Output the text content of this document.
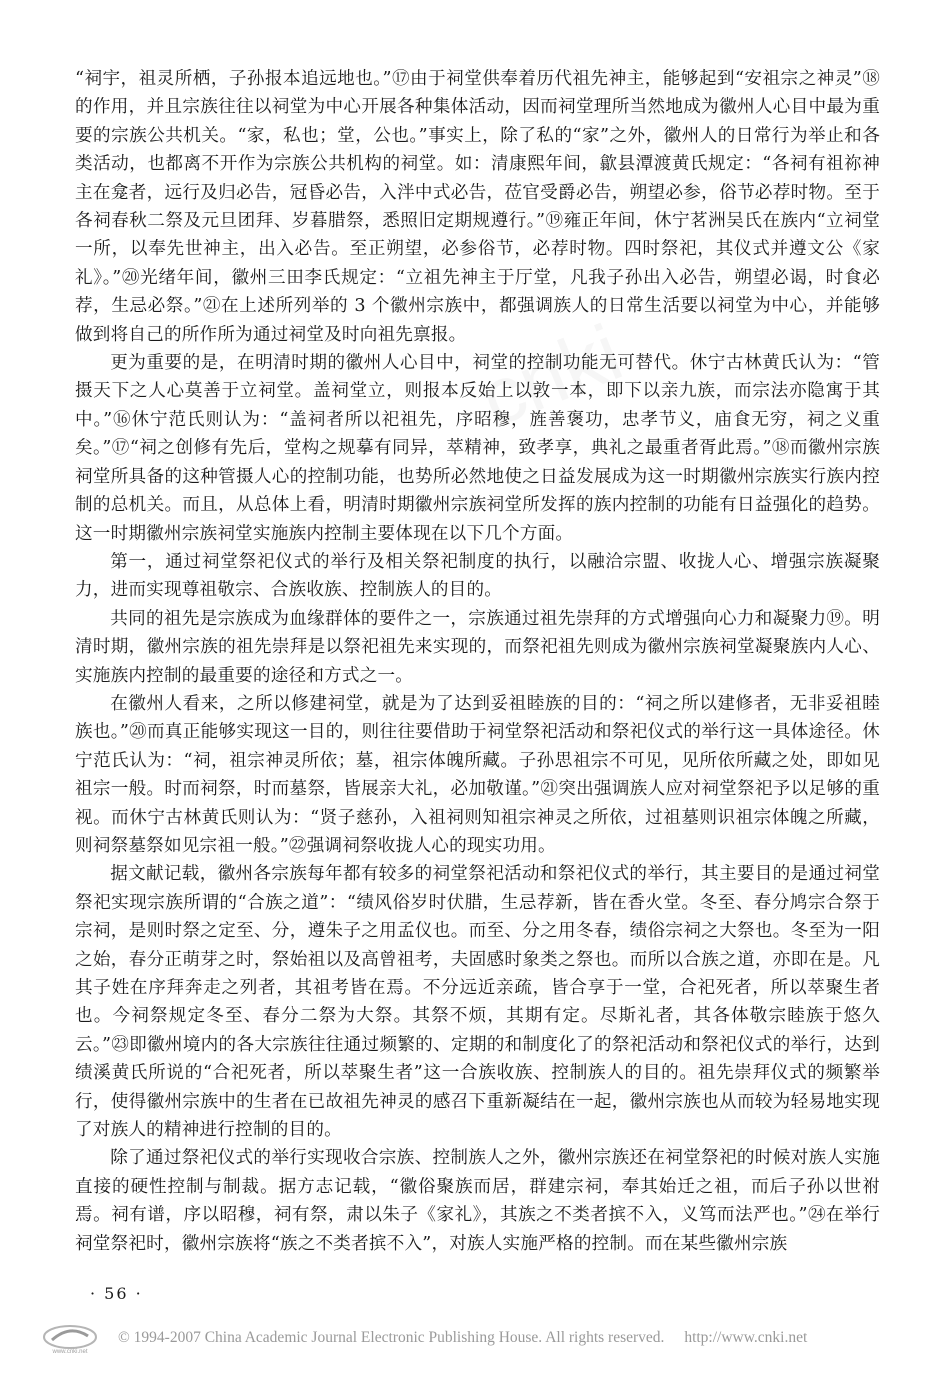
“祠宇，祖灵所栖，子孙报本追远地也。”⑰由于祠堂供奉着历代祖先神主，能够起到“安祖宗之神灵”⑱的作用，并且宗族往往以祠堂为中心开展各种集体活动，因而祠堂理所当然地成为徽州人心目中最为重要的宗族公共机关。“家，私也；堂，公也。”事实上，除了私的“家”之外，徽州人的日常行为举止和各类活动，也都离不开作为宗族公共机构的祠堂。如：清康熙年间，歙县潭渡黄氏规定：“各祠有祖祢神主在龛者，远行及归必告，冠昏必告，入泮中式必告，莅官受爵必告，朔望必参，俗节必荐时物。至于各祠春秋二祭及元旦团拜、岁暮腊祭，悉照旧定期规遵行。”⑲雍正年间，休宁茗洲吴氏在族内“立祠堂一所，以奉先世神主，出入必告。至正朔望，必参俗节，必荐时物。四时祭祀，其仪式并遵文公《家礼》。”⑳光绪年间，徽州三田李氏规定：“立祖先神主于厅堂，凡我子孙出入必告，朔望必谒，时食必荐，生忌必祭。”㉑在上述所列举的 3 个徽州宗族中，都强调族人的日常生活要以祠堂为中心，并能够做到将自己的所作所为通过祠堂及时向祖先禀报。

更为重要的是，在明清时期的徽州人心目中，祠堂的控制功能无可替代。休宁古林黄氏认为：“管摄天下之人心莫善于立祠堂。盖祠堂立，则报本反始上以敦一本，即下以亲九族，而宗法亦隐寓于其中。”⑯休宁范氏则认为：“盖祠者所以祀祖先，序昭穆，旌善褒功，忠孝节义，庙食无穷，祠之义重矣。”⑰“祠之创修有先后，堂构之规摹有同异，萃精神，致孝享，典礼之最重者胥此焉。”⑱而徽州宗族祠堂所具备的这种管摄人心的控制功能，也势所必然地使之日益发展成为这一时期徽州宗族实行族内控制的总机关。而且，从总体上看，明清时期徽州宗族祠堂所发挥的族内控制的功能有日益强化的趋势。这一时期徽州宗族祠堂实施族内控制主要体现在以下几个方面。

第一，通过祠堂祭祀仪式的举行及相关祭祀制度的执行，以融洽宗盟、收拢人心、增强宗族凝聚力，进而实现尊祖敬宗、合族收族、控制族人的目的。

共同的祖先是宗族成为血缘群体的要件之一，宗族通过祖先崇拜的方式增强向心力和凝聚力⑲。明清时期，徽州宗族的祖先崇拜是以祭祀祖先来实现的，而祭祀祖先则成为徽州宗族祠堂凝聚族内人心、实施族内控制的最重要的途径和方式之一。

在徽州人看来，之所以修建祠堂，就是为了达到妥祖睦族的目的：“祠之所以建修者，无非妥祖睦族也。”⑳而真正能够实现这一目的，则往往要借助于祠堂祭祀活动和祭祀仪式的举行这一具体途径。休宁范氏认为：“祠，祖宗神灵所依；墓，祖宗体魄所藏。子孙思祖宗不可见，见所依所藏之处，即如见祖宗一般。时而祠祭，时而墓祭，皆展亲大礼，必加敬谨。”㉑突出强调族人应对祠堂祭祀予以足够的重视。而休宁古林黄氏则认为：“贤子慈孙，入祖祠则知祖宗神灵之所依，过祖墓则识祖宗体魄之所藏，则祠祭墓祭如见宗祖一般。”㉒强调祠祭收拢人心的现实功用。

据文献记载，徽州各宗族每年都有较多的祠堂祭祀活动和祭祀仪式的举行，其主要目的是通过祠堂祭祀实现宗族所谓的“合族之道”：“绩风俗岁时伏腊，生忌荐新，皆在香火堂。冬至、春分鸠宗合祭于宗祠，是则时祭之定至、分，遵朱子之用孟仪也。而至、分之用冬春，绩俗宗祠之大祭也。冬至为一阳之始，春分正萌芽之时，祭始祖以及高曾祖考，夫固感时象类之祭也。而所以合族之道，亦即在是。凡其子姓在序拜奔走之列者，其祖考皆在焉。不分远近亲疏，皆合享于一堂，合祀死者，所以萃聚生者也。今祠祭规定冬至、春分二祭为大祭。其祭不烦，其期有定。尽斯礼者，其各体敬宗睦族于悠久云。”㉓即徽州境内的各大宗族往往通过频繁的、定期的和制度化了的祭祀活动和祭祀仪式的举行，达到绩溪黄氏所说的“合祀死者，所以萃聚生者”这一合族收族、控制族人的目的。祖先崇拜仪式的频繁举行，使得徽州宗族中的生者在已故祖先神灵的感召下重新凝结在一起，徽州宗族也从而较为轻易地实现了对族人的精神进行控制的目的。

除了通过祭祀仪式的举行实现收合宗族、控制族人之外，徽州宗族还在祠堂祭祀的时候对族人实施直接的硬性控制与制裁。据方志记载，“徽俗聚族而居，群建宗祠，奉其始迁之祖，而后子孙以世祔焉。祠有谱，序以昭穆，祠有祭，肃以朱子《家礼》，其族之不类者摈不入，义笃而法严也。”㉔在举行祠堂祭祀时，徽州宗族将“族之不类者摈不入”，对族人实施严格的控制。而在某些徽州宗族

· 56 ·
www.cnki.net
© 1994-2007 China Academic Journal Electronic Publishing House. All rights reserved. http://www.cnki.net
